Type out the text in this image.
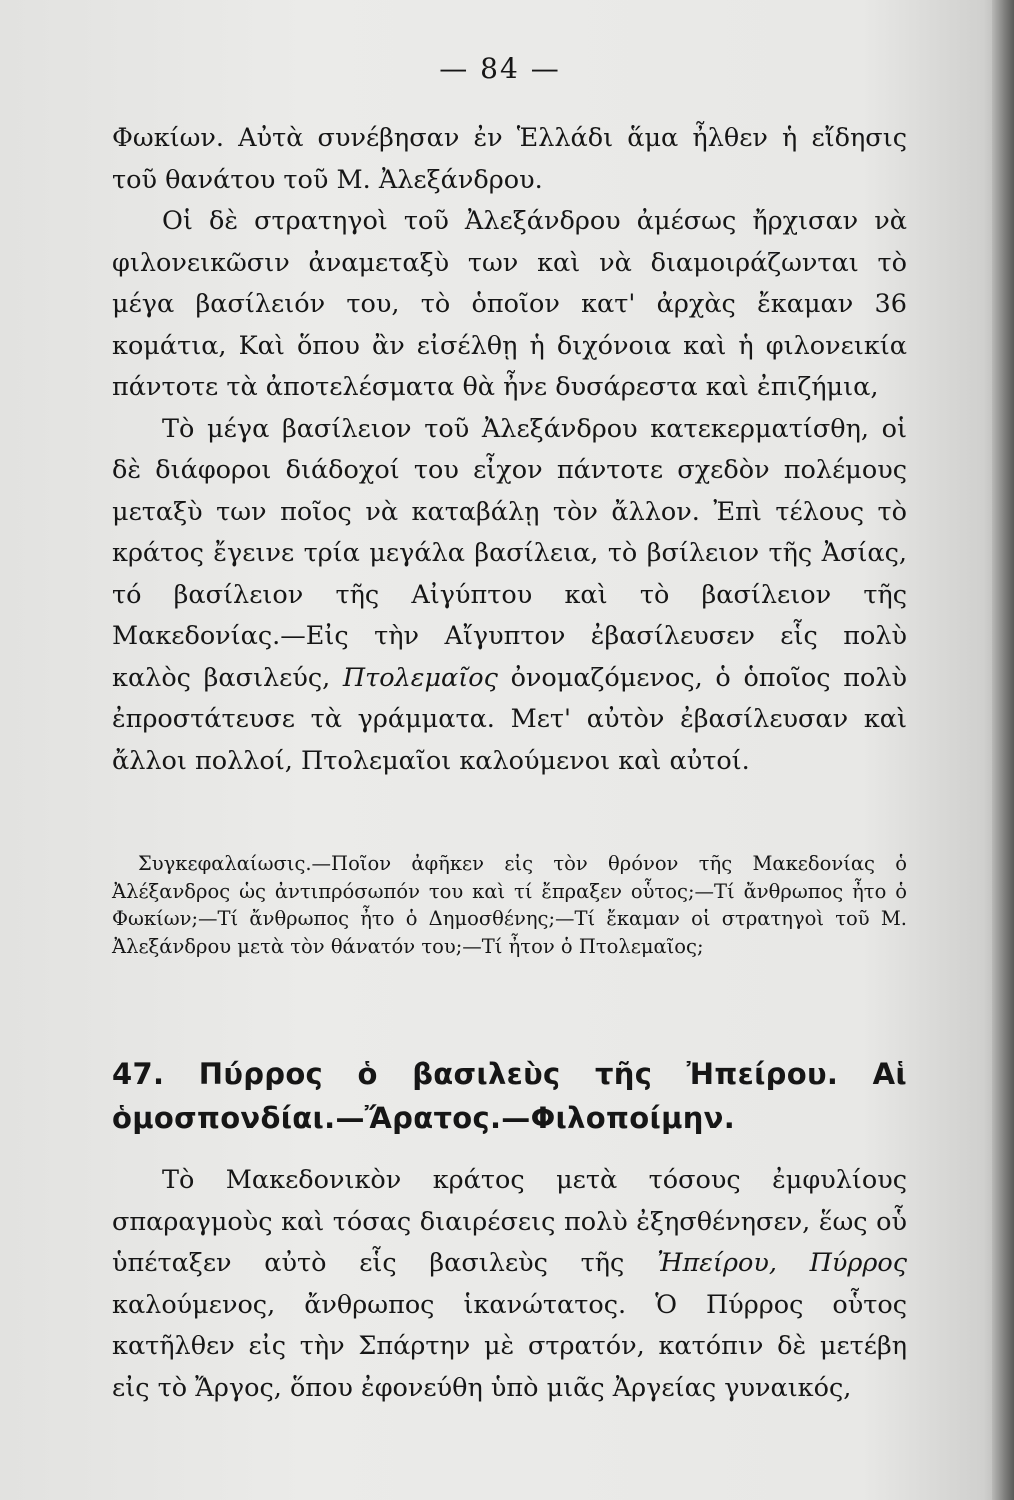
— 84 —

Φωκίων. Αὐτὰ συνέβησαν ἐν Ἑλλάδι ἅμα ἦλθεν ἡ εἴδησις τοῦ θανάτου τοῦ Μ. Ἀλεξάνδρου.

Οἱ δὲ στρατηγοὶ τοῦ Ἀλεξάνδρου ἀμέσως ἤρχισαν νὰ φιλονεικῶσιν ἀναμεταξὺ των καὶ νὰ διαμοιράζωνται τὸ μέγα βασίλειόν του, τὸ ὁποῖον κατ' ἀρχὰς ἔκαμαν 36 κομάτια, Καὶ ὅπου ἂν εἰσέλθῃ ἡ διχόνοια καὶ ἡ φιλονεικία πάντοτε τὰ ἀποτελέσματα θὰ ἦνε δυσάρεστα καὶ ἐπιζήμια,

Τὸ μέγα βασίλειον τοῦ Ἀλεξάνδρου κατεκερματίσθη, οἱ δὲ διάφοροι διάδοχοί του εἶχον πάντοτε σχεδὸν πολέμους μεταξὺ των ποῖος νὰ καταβάλῃ τὸν ἄλλον. Ἐπὶ τέλους τὸ κράτος ἔγεινε τρία μεγάλα βασίλεια, τὸ βσίλειον τῆς Ἀσίας, τό βασίλειον τῆς Αἰγύπτου καὶ τὸ βασίλειον τῆς Μακεδονίας.—Εἰς τὴν Αἴγυπτον ἐβασίλευσεν εἷς πολὺ καλὸς βασιλεύς, Πτολεμαῖος ὀνομαζόμενος, ὁ ὁποῖος πολὺ ἐπροστάτευσε τὰ γράμματα. Μετ' αὐτὸν ἐβασίλευσαν καὶ ἄλλοι πολλοί, Πτολεμαῖοι καλούμενοι καὶ αὐτοί.

Συγκεφαλαίωσις.—Ποῖον ἀφῆκεν εἰς τὸν θρόνον τῆς Μακεδονίας ὁ Ἀλέξανδρος ὡς ἀντιπρόσωπόν του καὶ τί ἔπραξεν οὗτος;—Τί ἄνθρωπος ἦτο ὁ Φωκίων;—Τί ἄνθρωπος ἦτο ὁ Δημοσθένης;—Τί ἔκαμαν οἱ στρατηγοὶ τοῦ Μ. Ἀλεξάνδρου μετὰ τὸν θάνατόν του;—Τί ἦτον ὁ Πτολεμαῖος;

47. Πύρρος ὁ βασιλεὺς τῆς Ἠπείρου. Αἱ ὁμοσπονδίαι.—Ἄρατος.—Φιλοποίμην.

Τὸ Μακεδονικὸν κράτος μετὰ τόσους ἐμφυλίους σπαραγμοὺς καὶ τόσας διαιρέσεις πολὺ ἐξησθένησεν, ἕως οὗ ὑπέταξεν αὐτὸ εἷς βασιλεὺς τῆς Ἠπείρου, Πύρρος καλούμενος, ἄνθρωπος ἱκανώτατος. Ὁ Πύρρος οὗτος κατῆλθεν εἰς τὴν Σπάρτην μὲ στρατόν, κατόπιν δὲ μετέβη εἰς τὸ Ἄργος, ὅπου ἐφονεύθη ὑπὸ μιᾶς Ἀργείας γυναικός,
